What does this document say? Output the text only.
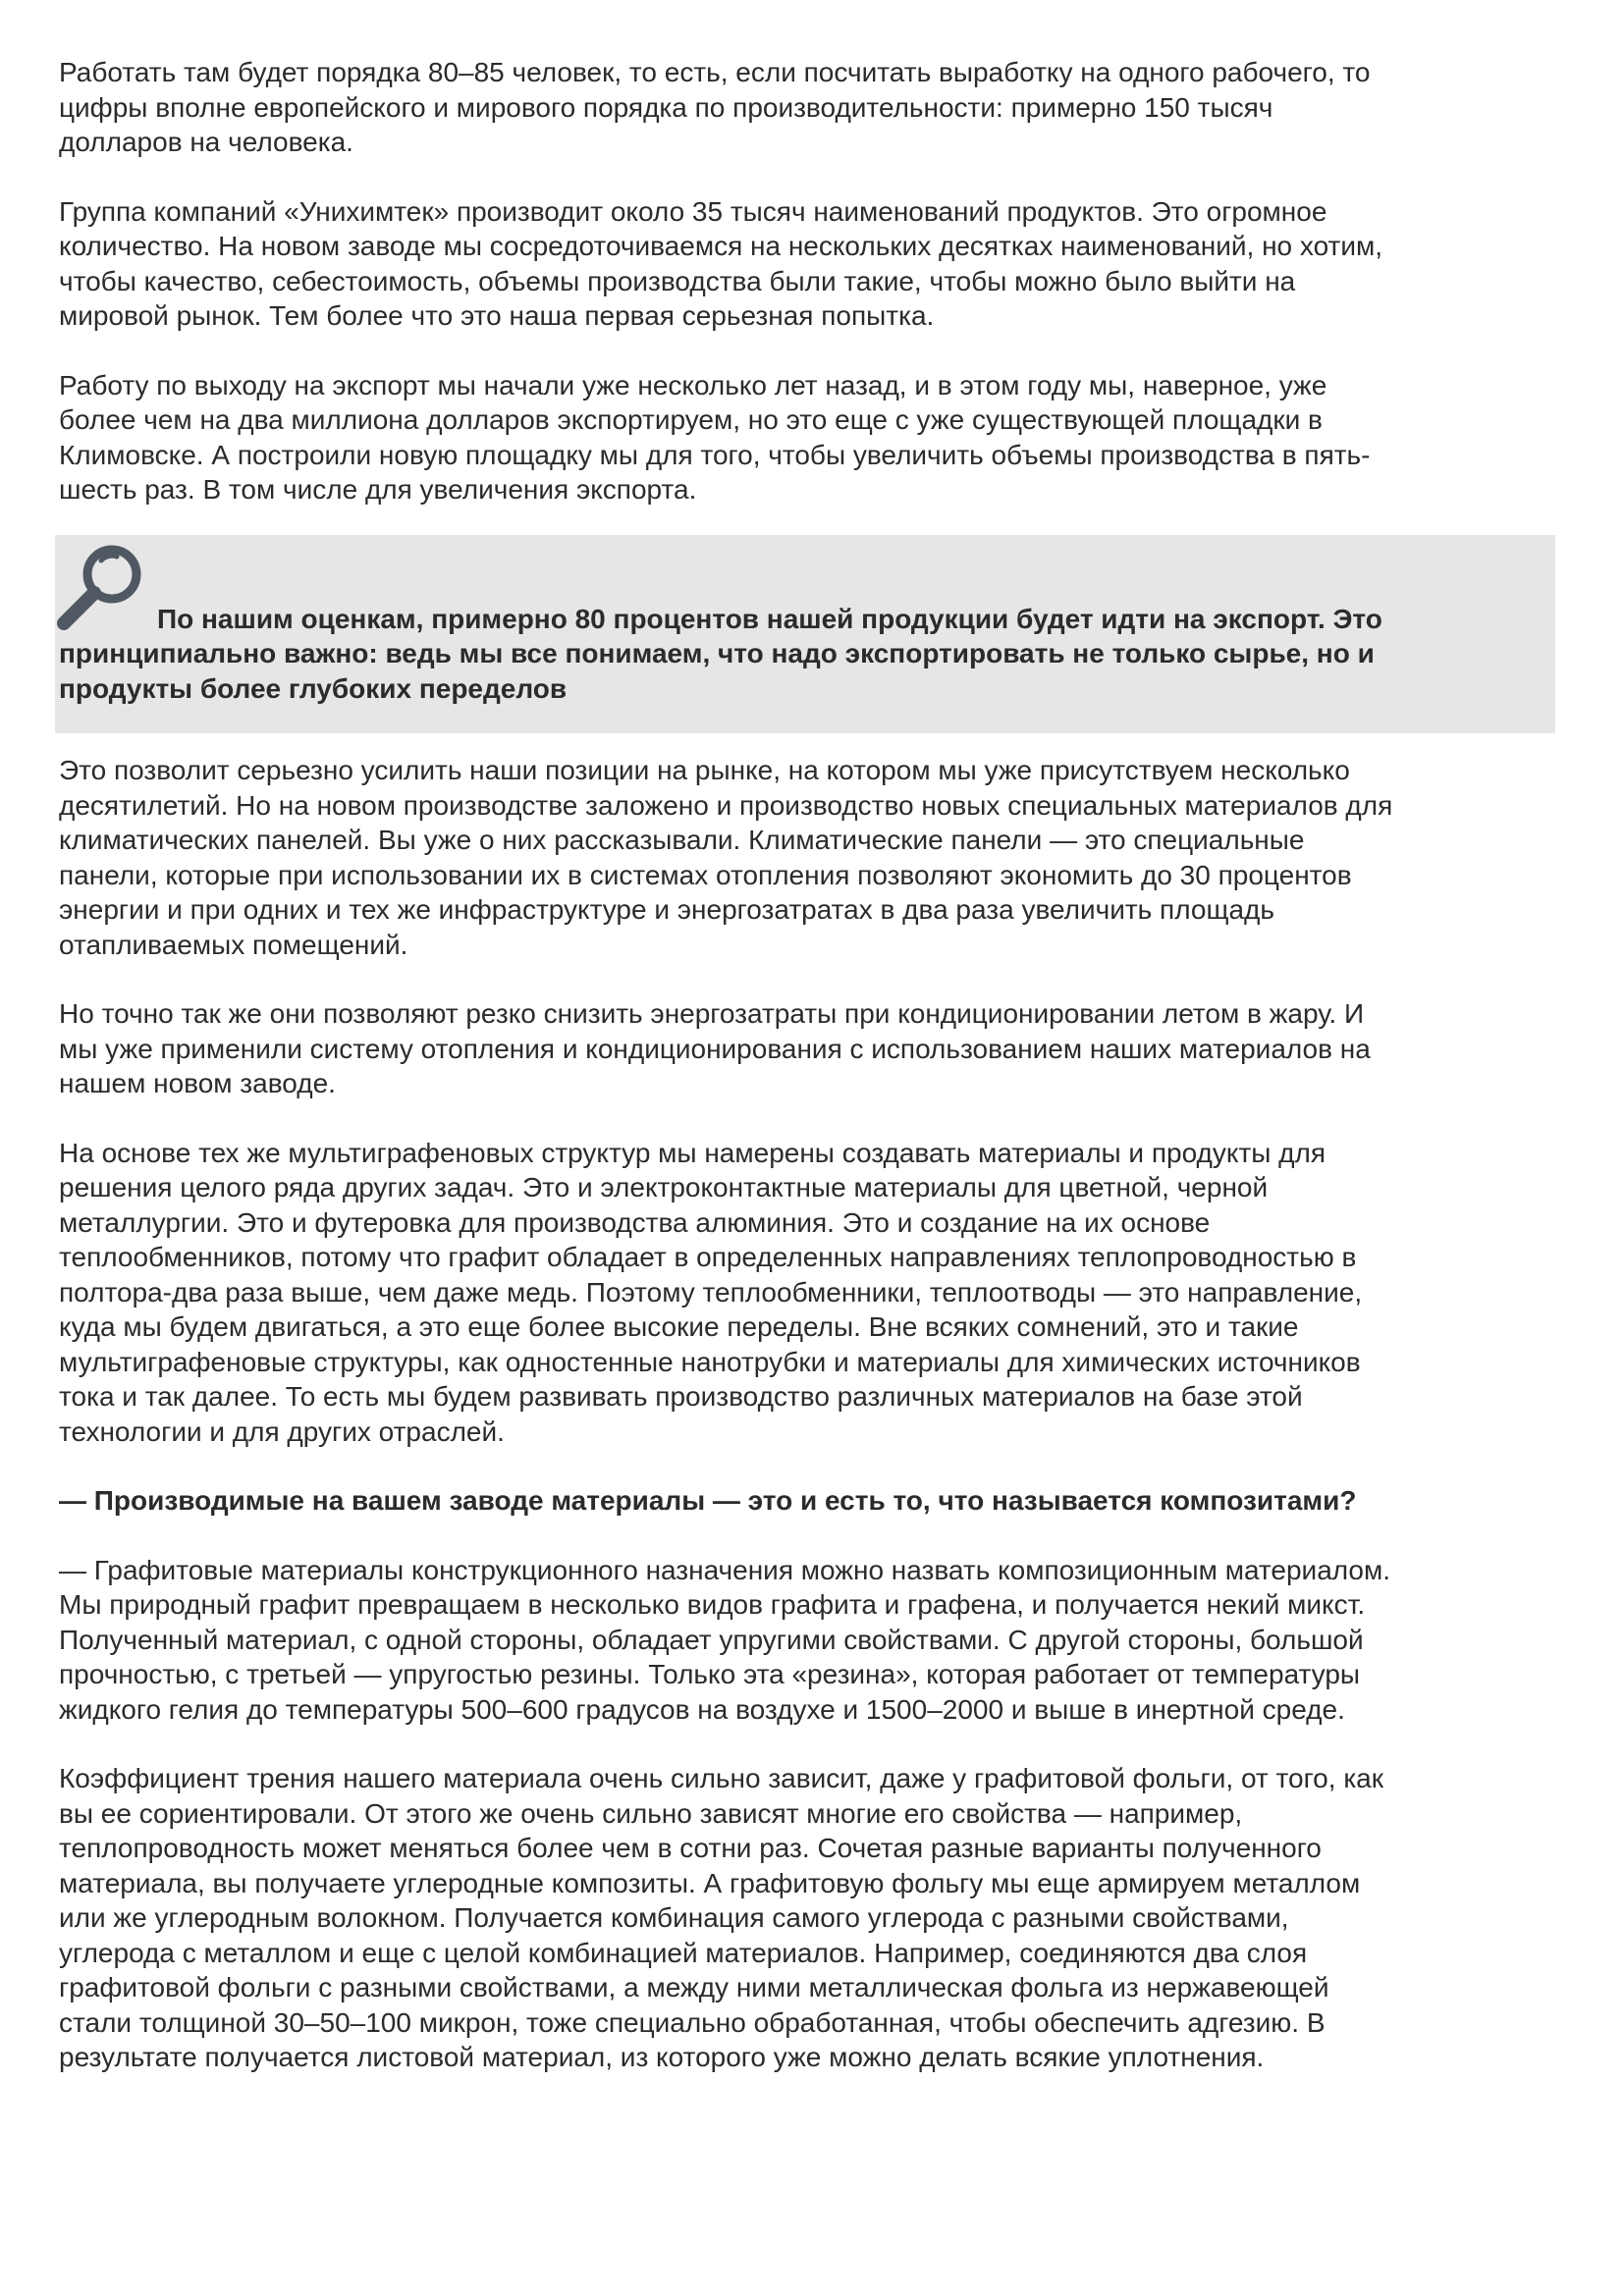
Работать там будет порядка 80–85 человек, то есть, если посчитать выработку на одного рабочего, то
цифры вполне европейского и мирового порядка по производительности: примерно 150 тысяч
долларов на человека.

Группа компаний «Унихимтек» производит около 35 тысяч наименований продуктов. Это огромное
количество. На новом заводе мы сосредоточиваемся на нескольких десятках наименований, но хотим,
чтобы качество, себестоимость, объемы производства были такие, чтобы можно было выйти на
мировой рынок. Тем более что это наша первая серьезная попытка.

Работу по выходу на экспорт мы начали уже несколько лет назад, и в этом году мы, наверное, уже
более чем на два миллиона долларов экспортируем, но это еще с уже существующей площадки в
Климовске. А построили новую площадку мы для того, чтобы увеличить объемы производства в пять-
шесть раз. В том числе для увеличения экспорта.

По нашим оценкам, примерно 80 процентов нашей продукции будет идти на экспорт. Это
принципиально важно: ведь мы все понимаем, что надо экспортировать не только сырье, но и
продукты более глубоких переделов

Это позволит серьезно усилить наши позиции на рынке, на котором мы уже присутствуем несколько
десятилетий. Но на новом производстве заложено и производство новых специальных материалов для
климатических панелей. Вы уже о них рассказывали. Климатические панели — это специальные
панели, которые при использовании их в системах отопления позволяют экономить до 30 процентов
энергии и при одних и тех же инфраструктуре и энергозатратах в два раза увеличить площадь
отапливаемых помещений.

Но точно так же они позволяют резко снизить энергозатраты при кондиционировании летом в жару. И
мы уже применили систему отопления и кондиционирования с использованием наших материалов на
нашем новом заводе.

На основе тех же мультиграфеновых структур мы намерены создавать материалы и продукты для
решения целого ряда других задач. Это и электроконтактные материалы для цветной, черной
металлургии. Это и футеровка для производства алюминия. Это и создание на их основе
теплообменников, потому что графит обладает в определенных направлениях теплопроводностью в
полтора-два раза выше, чем даже медь. Поэтому теплообменники, теплоотводы — это направление,
куда мы будем двигаться, а это еще более высокие переделы. Вне всяких сомнений, это и такие
мультиграфеновые структуры, как одностенные нанотрубки и материалы для химических источников
тока и так далее. То есть мы будем развивать производство различных материалов на базе этой
технологии и для других отраслей.

— Производимые на вашем заводе материалы — это и есть то, что называется композитами?

— Графитовые материалы конструкционного назначения можно назвать композиционным материалом.
Мы природный графит превращаем в несколько видов графита и графена, и получается некий микст.
Полученный материал, с одной стороны, обладает упругими свойствами. С другой стороны, большой
прочностью, с третьей — упругостью резины. Только эта «резина», которая работает от температуры
жидкого гелия до температуры 500–600 градусов на воздухе и 1500–2000 и выше в инертной среде.

Коэффициент трения нашего материала очень сильно зависит, даже у графитовой фольги, от того, как
вы ее сориентировали. От этого же очень сильно зависят многие его свойства — например,
теплопроводность может меняться более чем в сотни раз. Сочетая разные варианты полученного
материала, вы получаете углеродные композиты. А графитовую фольгу мы еще армируем металлом
или же углеродным волокном. Получается комбинация самого углерода с разными свойствами,
углерода с металлом и еще с целой комбинацией материалов. Например, соединяются два слоя
графитовой фольги с разными свойствами, а между ними металлическая фольга из нержавеющей
стали толщиной 30–50–100 микрон, тоже специально обработанная, чтобы обеспечить адгезию. В
результате получается листовой материал, из которого уже можно делать всякие уплотнения.
